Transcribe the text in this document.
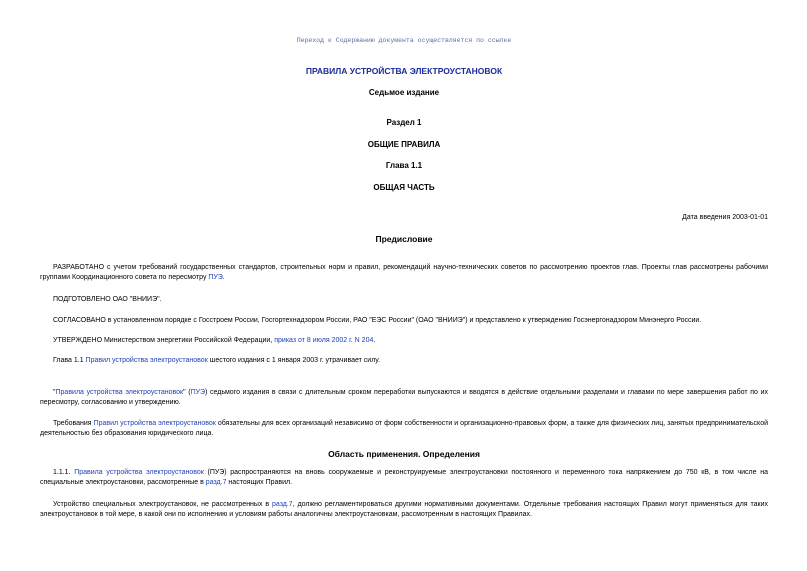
Переход к Содержанию документа осуществляется по ссылке
ПРАВИЛА УСТРОЙСТВА ЭЛЕКТРОУСТАНОВОК
Седьмое издание
Раздел 1
ОБЩИЕ ПРАВИЛА
Глава 1.1
ОБЩАЯ ЧАСТЬ
Дата введения 2003-01-01
Предисловие
РАЗРАБОТАНО с учетом требований государственных стандартов, строительных норм и правил, рекомендаций научно-технических советов по рассмотрению проектов глав. Проекты глав рассмотрены рабочими группами Координационного совета по пересмотру ПУЭ.
ПОДГОТОВЛЕНО ОАО "ВНИИЭ".
СОГЛАСОВАНО в установленном порядке с Госстроем России, Госгортехнадзором России, РАО "ЕЭС России" (ОАО "ВНИИЭ") и представлено к утверждению Госэнергонадзором Минэнерго России.
УТВЕРЖДЕНО Министерством энергетики Российской Федерации, приказ от 8 июля 2002 г. N 204.
Глава 1.1 Правил устройства электроустановок шестого издания с 1 января 2003 г. утрачивает силу.
"Правила устройства электроустановок" (ПУЭ) седьмого издания в связи с длительным сроком переработки выпускаются и вводятся в действие отдельными разделами и главами по мере завершения работ по их пересмотру, согласованию и утверждению.
Требования Правил устройства электроустановок обязательны для всех организаций независимо от форм собственности и организационно-правовых форм, а также для физических лиц, занятых предпринимательской деятельностью без образования юридического лица.
Область применения. Определения
1.1.1. Правила устройства электроустановок (ПУЭ) распространяются на вновь сооружаемые и реконструируемые электроустановки постоянного и переменного тока напряжением до 750 кВ, в том числе на специальные электроустановки, рассмотренные в разд.7 настоящих Правил.
Устройство специальных электроустановок, не рассмотренных в разд.7, должно регламентироваться другими нормативными документами. Отдельные требования настоящих Правил могут применяться для таких электроустановок в той мере, в какой они по исполнению и условиям работы аналогичны электроустановкам, рассмотренным в настоящих Правилах.
